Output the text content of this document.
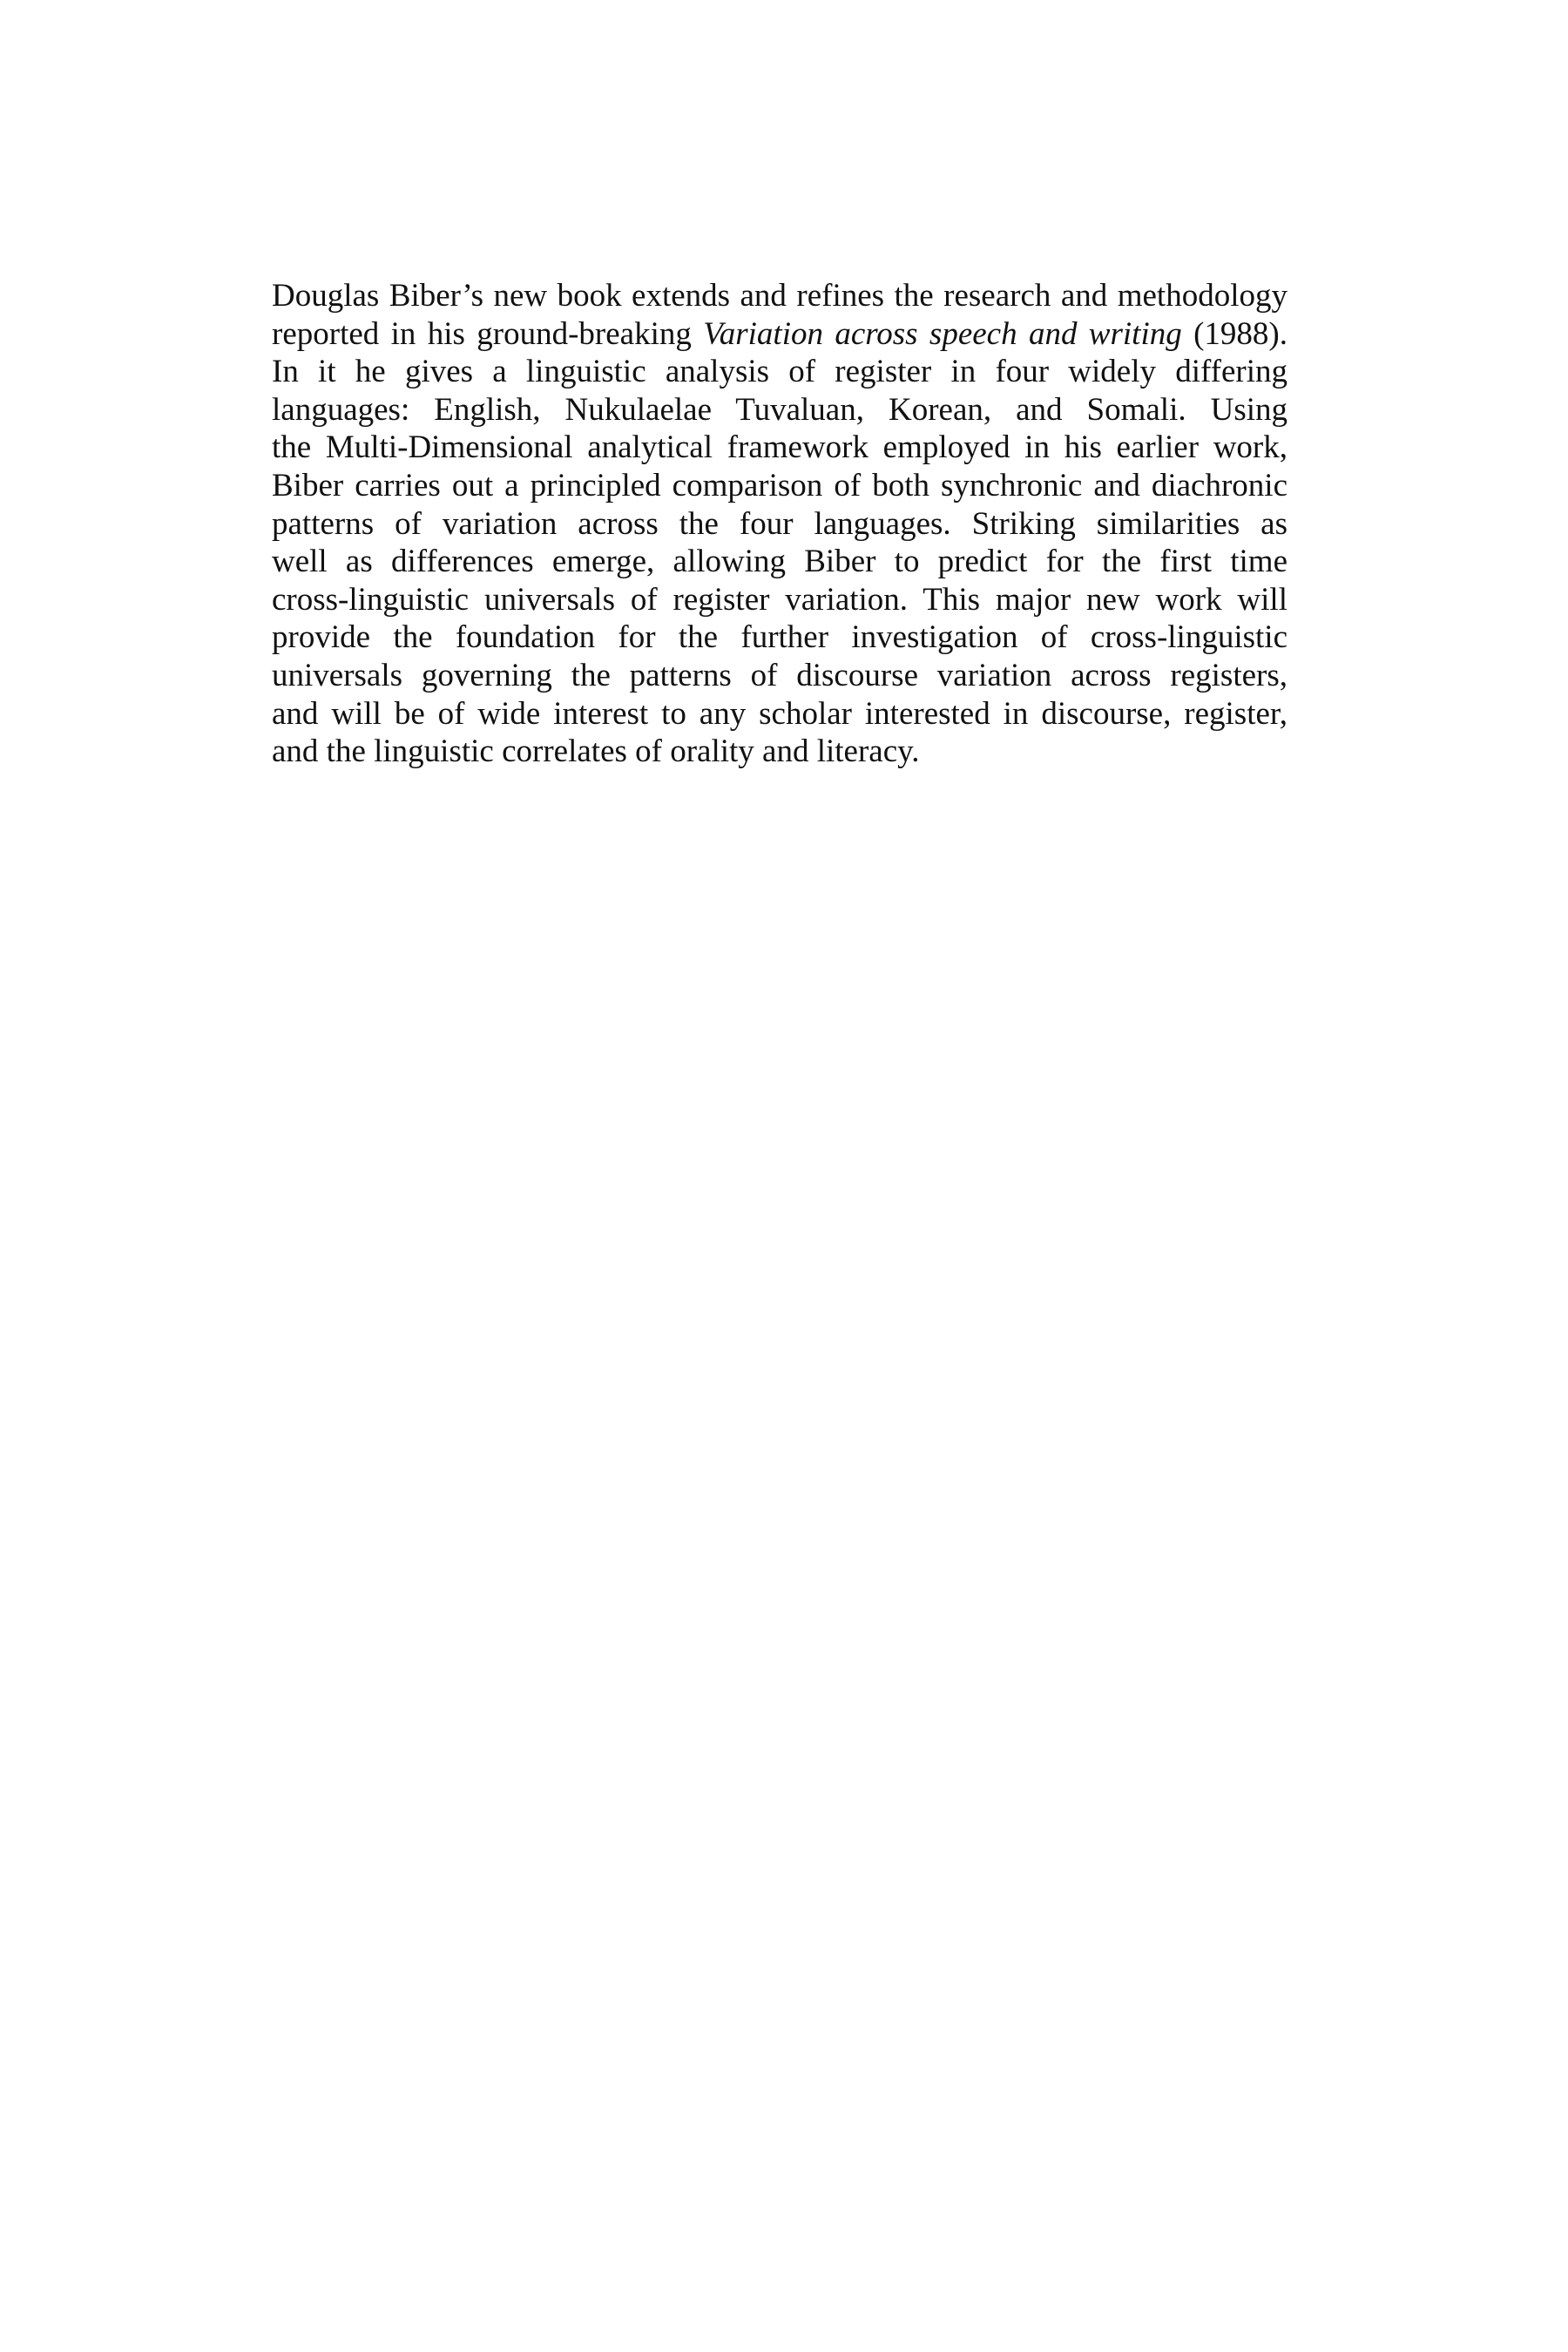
Douglas Biber’s new book extends and refines the research and methodology
reported in his ground-breaking Variation across speech and writing (1988).
In it he gives a linguistic analysis of register in four widely differing
languages: English, Nukulaelae Tuvaluan, Korean, and Somali. Using
the Multi-Dimensional analytical framework employed in his earlier work,
Biber carries out a principled comparison of both synchronic and diachronic
patterns of variation across the four languages. Striking similarities as
well as differences emerge, allowing Biber to predict for the first time
cross-linguistic universals of register variation. This major new work will
provide the foundation for the further investigation of cross-linguistic
universals governing the patterns of discourse variation across registers,
and will be of wide interest to any scholar interested in discourse, register,
and the linguistic correlates of orality and literacy.
